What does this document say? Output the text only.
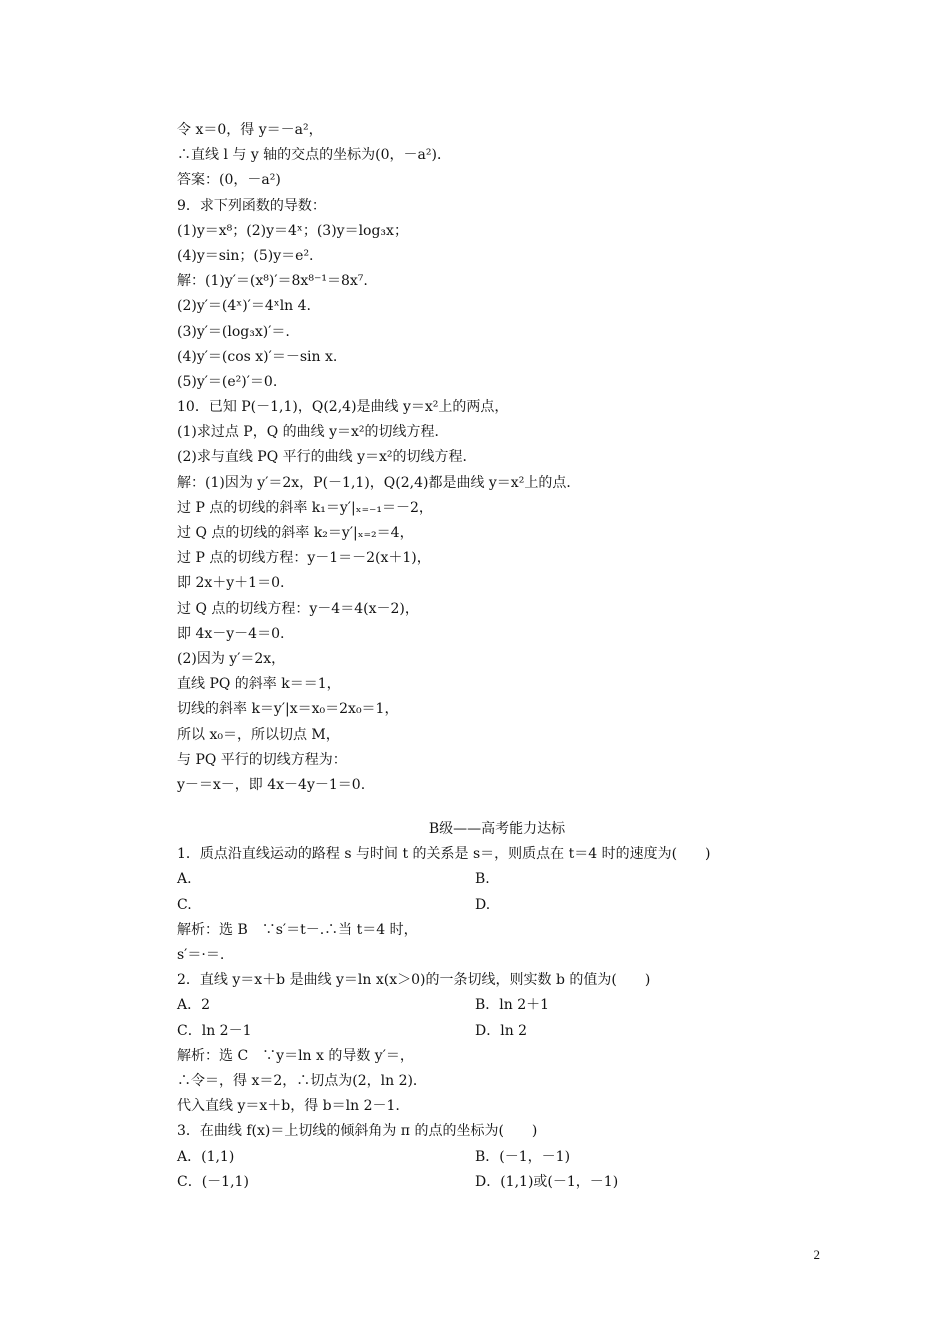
令 x＝0，得 y＝－a²，
∴直线 l 与 y 轴的交点的坐标为(0，－a²)．
答案：(0，－a²)
9．求下列函数的导数：
(1)y＝x⁸；(2)y＝4ˣ；(3)y＝log₃x；
(4)y＝sin；(5)y＝e².
解：(1)y′＝(x⁸)′＝8x⁸⁻¹＝8x⁷.
(2)y′＝(4ˣ)′＝4ˣln 4.
(3)y′＝(log₃x)′＝.
(4)y′＝(cos x)′＝－sin x.
(5)y′＝(e²)′＝0.
10．已知 P(－1,1)，Q(2,4)是曲线 y＝x²上的两点，
(1)求过点 P，Q 的曲线 y＝x²的切线方程．
(2)求与直线 PQ 平行的曲线 y＝x²的切线方程．
解：(1)因为 y′＝2x，P(－1,1)，Q(2,4)都是曲线 y＝x²上的点．
过 P 点的切线的斜率 k₁＝y′|ₓ₌₋₁＝－2，
过 Q 点的切线的斜率 k₂＝y′|ₓ₌₂＝4，
过 P 点的切线方程：y－1＝－2(x＋1)，
即 2x＋y＋1＝0.
过 Q 点的切线方程：y－4＝4(x－2)，
即 4x－y－4＝0.
(2)因为 y′＝2x，
直线 PQ 的斜率 k＝＝1，
切线的斜率 k＝y′|x＝x₀＝2x₀＝1，
所以 x₀＝，所以切点 M，
与 PQ 平行的切线方程为：
y－＝x－，即 4x－4y－1＝0.
B级——高考能力达标
1．质点沿直线运动的路程 s 与时间 t 的关系是 s＝，则质点在 t＝4 时的速度为(　　)
A.	B.
C.	D.
解析：选 B　∵s′＝t－.∴当 t＝4 时，
s′＝·＝.
2．直线 y＝x＋b 是曲线 y＝ln x(x＞0)的一条切线，则实数 b 的值为(　　)
A．2	B．ln 2＋1
C．ln 2－1	D．ln 2
解析：选 C　∵y＝ln x 的导数 y′＝，
∴令＝，得 x＝2，∴切点为(2，ln 2)．
代入直线 y＝x＋b，得 b＝ln 2－1.
3．在曲线 f(x)＝上切线的倾斜角为 π 的点的坐标为(　　)
A．(1,1)	B．(－1，－1)
C．(－1,1)	D．(1,1)或(－1，－1)
2
